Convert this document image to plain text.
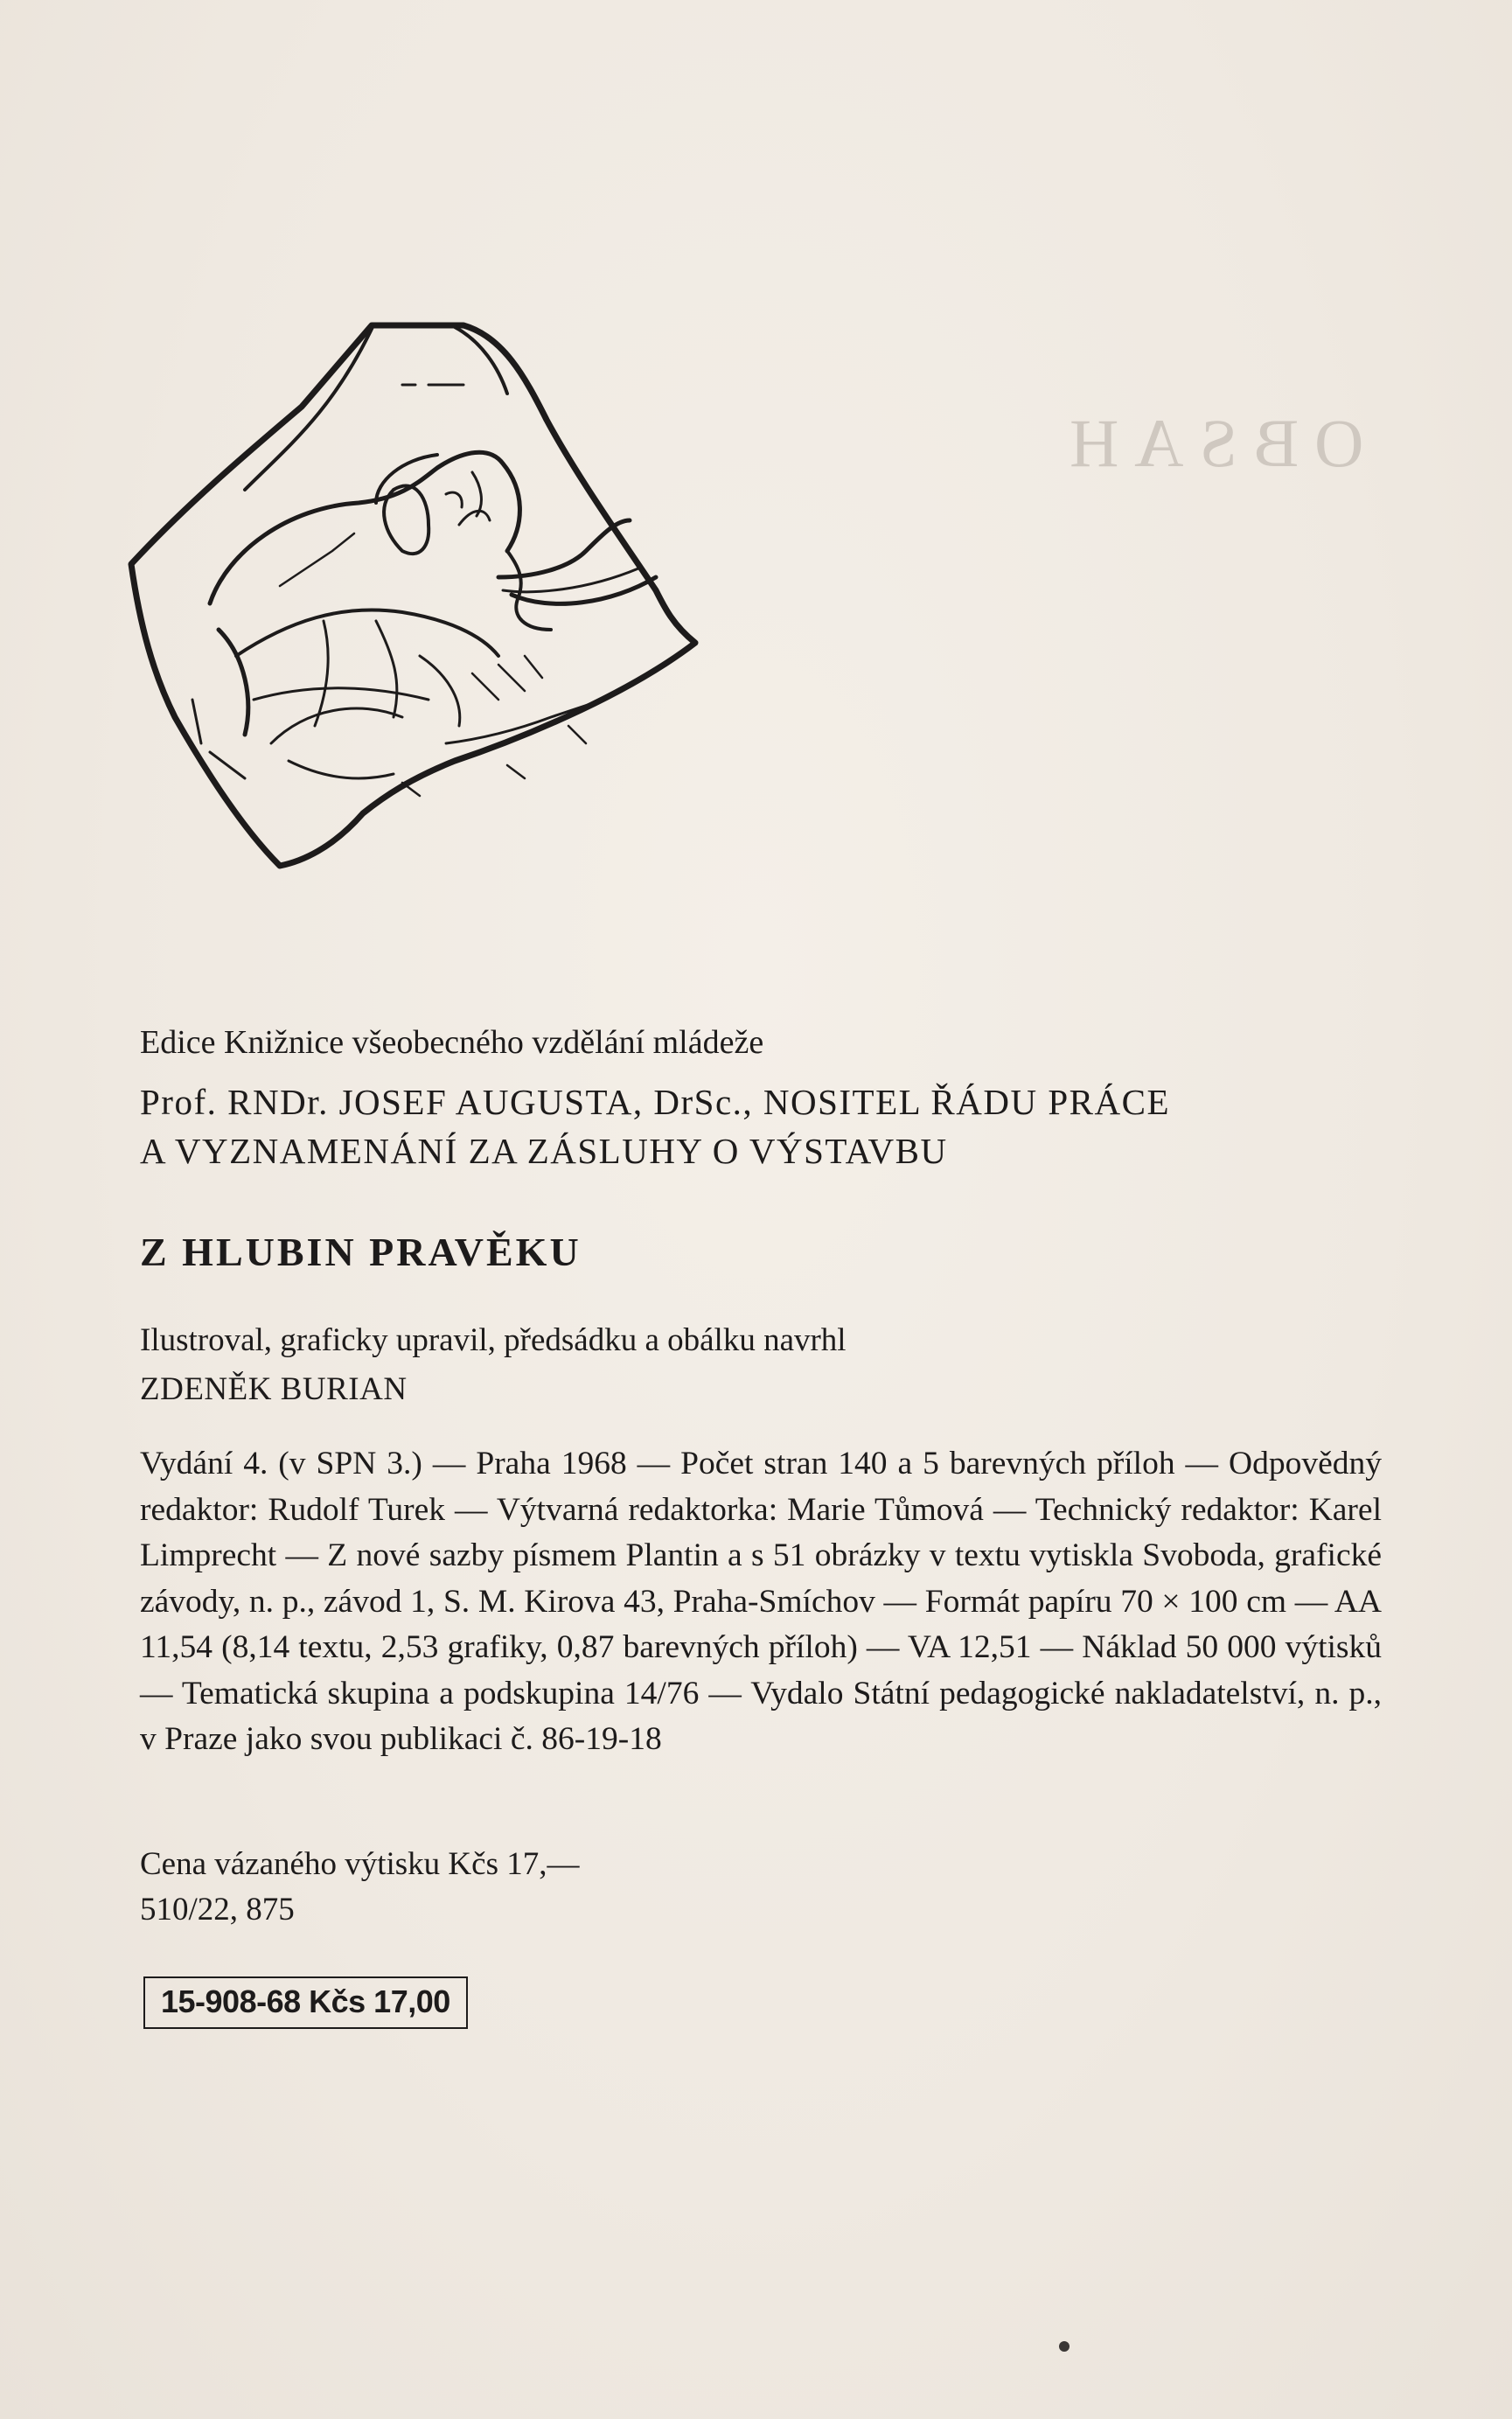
OBSAH
Edice Knižnice všeobecného vzdělání mládeže
Prof. RNDr. JOSEF AUGUSTA, DrSc., NOSITEL ŘÁDU PRÁCE
A VYZNAMENÁNÍ ZA ZÁSLUHY O VÝSTAVBU
Z HLUBIN PRAVĚKU
Ilustroval, graficky upravil, předsádku a obálku navrhl
ZDENĚK BURIAN
Vydání 4. (v SPN 3.) — Praha 1968 — Počet stran 140 a 5 barevných příloh — Odpovědný redaktor: Rudolf Turek — Výtvarná redaktorka: Marie Tůmová — Technický redaktor: Karel Limprecht — Z nové sazby písmem Plantin a s 51 obrázky v textu vytiskla Svoboda, grafické závody, n. p., závod 1, S. M. Kirova 43, Praha-Smíchov — Formát papíru 70 × 100 cm — AA 11,54 (8,14 textu, 2,53 grafiky, 0,87 barevných příloh) — VA 12,51 — Náklad 50 000 výtisků — Tematická skupina a podskupina 14/76 — Vydalo Státní pedagogické nakladatelství, n. p., v Praze jako svou publikaci č. 86-19-18
Cena vázaného výtisku Kčs 17,—
510/22, 875
15-908-68 Kčs 17,00
